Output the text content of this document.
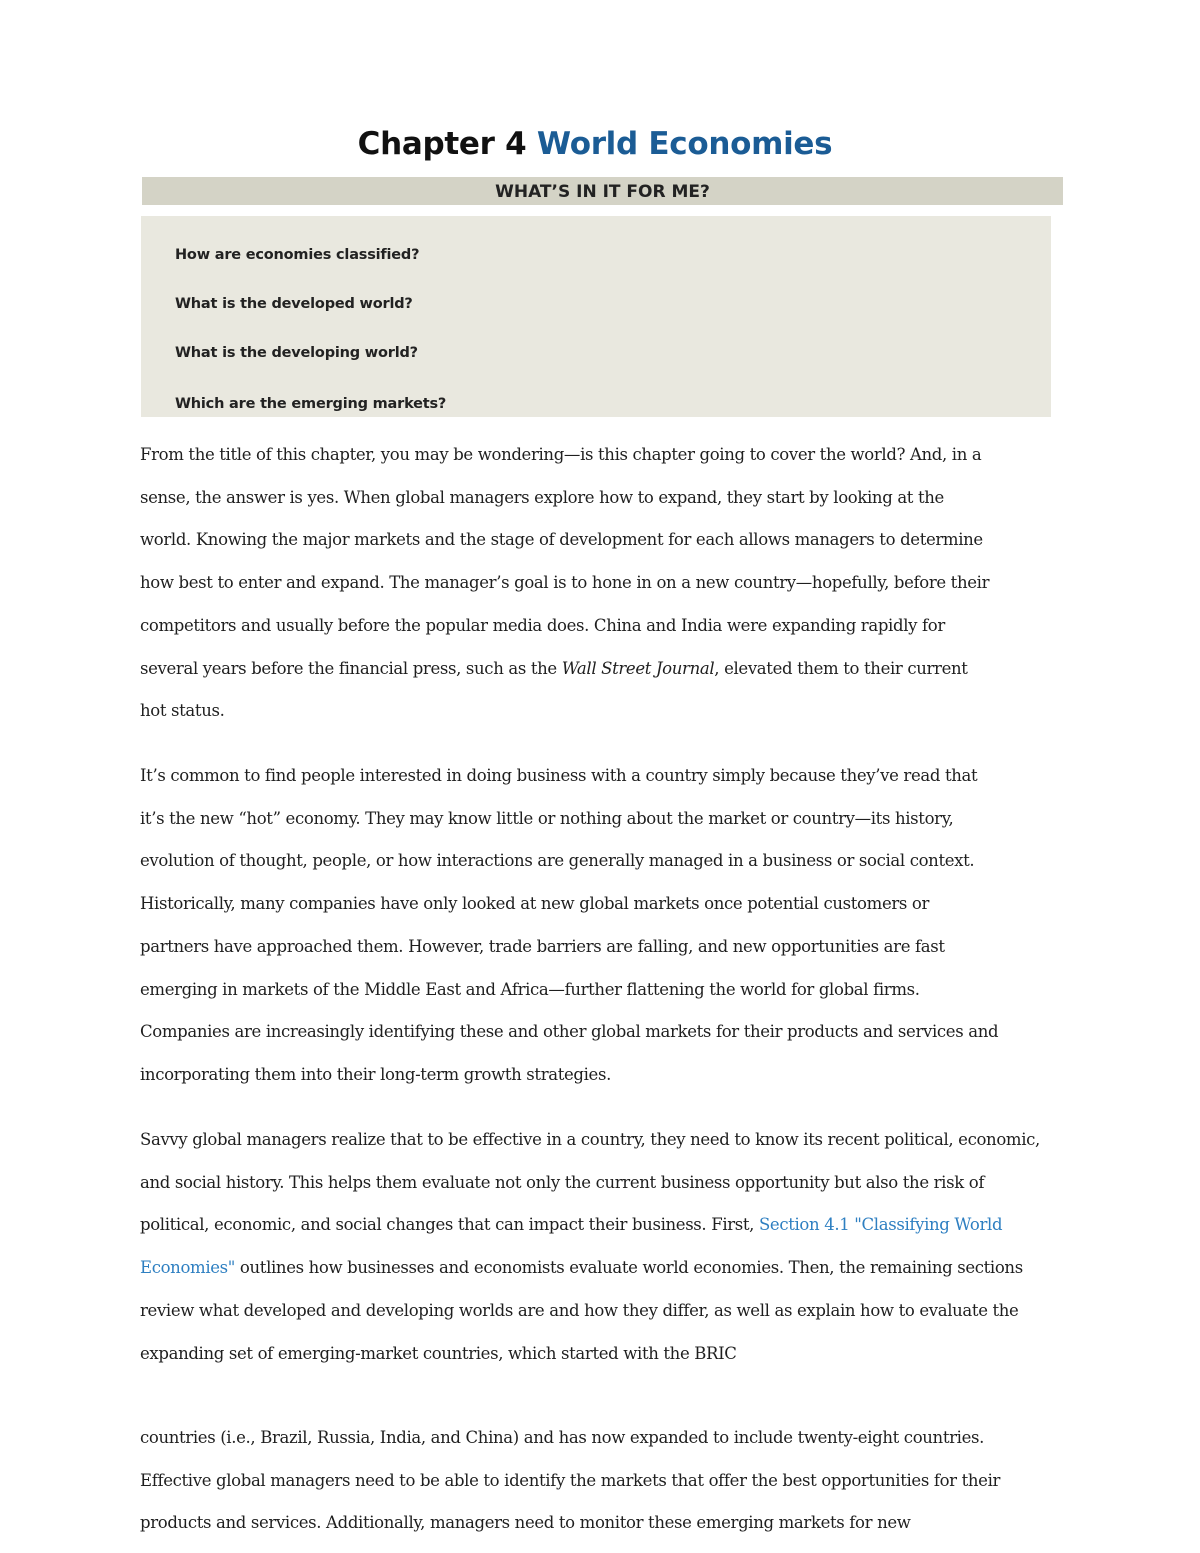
Chapter 4 World Economies
WHAT’S IN IT FOR ME?
How are economies classified?
What is the developed world?
What is the developing world?
Which are the emerging markets?

From the title of this chapter, you may be wondering—is this chapter going to cover the world? And, in a
sense, the answer is yes. When global managers explore how to expand, they start by looking at the
world. Knowing the major markets and the stage of development for each allows managers to determine
how best to enter and expand. The manager’s goal is to hone in on a new country—hopefully, before their
competitors and usually before the popular media does. China and India were expanding rapidly for
several years before the financial press, such as the Wall Street Journal, elevated them to their current
hot status.

It’s common to find people interested in doing business with a country simply because they’ve read that
it’s the new “hot” economy. They may know little or nothing about the market or country—its history,
evolution of thought, people, or how interactions are generally managed in a business or social context.
Historically, many companies have only looked at new global markets once potential customers or
partners have approached them. However, trade barriers are falling, and new opportunities are fast
emerging in markets of the Middle East and Africa—further flattening the world for global firms.
Companies are increasingly identifying these and other global markets for their products and services and
incorporating them into their long-term growth strategies.

Savvy global managers realize that to be effective in a country, they need to know its recent political, economic,
and social history. This helps them evaluate not only the current business opportunity but also the risk of
political, economic, and social changes that can impact their business. First, Section 4.1 "Classifying World
Economies" outlines how businesses and economists evaluate world economies. Then, the remaining sections
review what developed and developing worlds are and how they differ, as well as explain how to evaluate the
expanding set of emerging-market countries, which started with the BRIC

countries (i.e., Brazil, Russia, India, and China) and has now expanded to include twenty-eight countries.
Effective global managers need to be able to identify the markets that offer the best opportunities for their
products and services. Additionally, managers need to monitor these emerging markets for new
